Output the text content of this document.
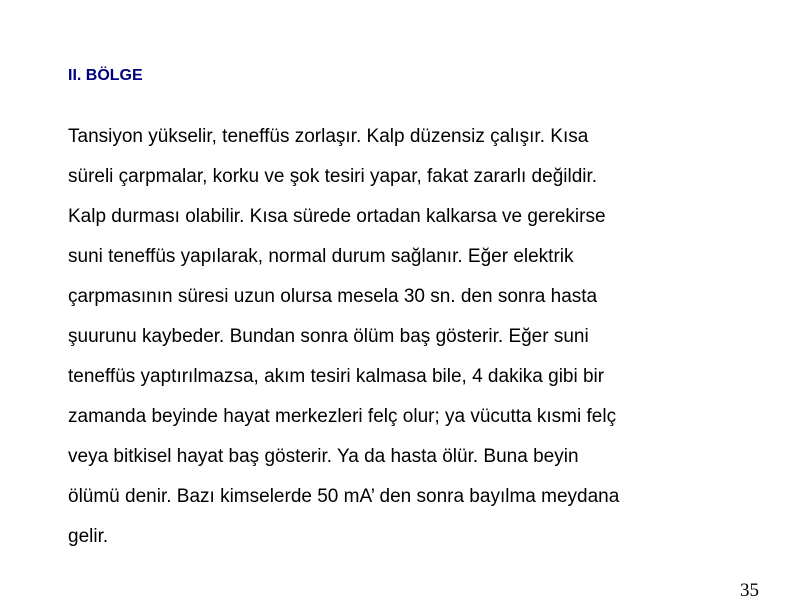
II. BÖLGE
Tansiyon yükselir, teneffüs zorlaşır. Kalp düzensiz çalışır. Kısa
süreli çarpmalar, korku ve şok tesiri yapar, fakat zararlı değildir.
Kalp durması olabilir. Kısa sürede ortadan kalkarsa ve gerekirse
suni teneffüs yapılarak, normal durum sağlanır. Eğer elektrik
çarpmasının süresi uzun olursa mesela 30 sn. den sonra hasta
şuurunu kaybeder. Bundan sonra ölüm baş gösterir. Eğer suni
teneffüs yaptırılmazsa, akım tesiri kalmasa bile, 4 dakika gibi bir
zamanda beyinde hayat merkezleri felç olur; ya vücutta kısmi felç
veya bitkisel hayat baş gösterir. Ya da hasta ölür. Buna beyin
ölümü denir. Bazı kimselerde 50 mA’ den sonra bayılma meydana
gelir.
35
